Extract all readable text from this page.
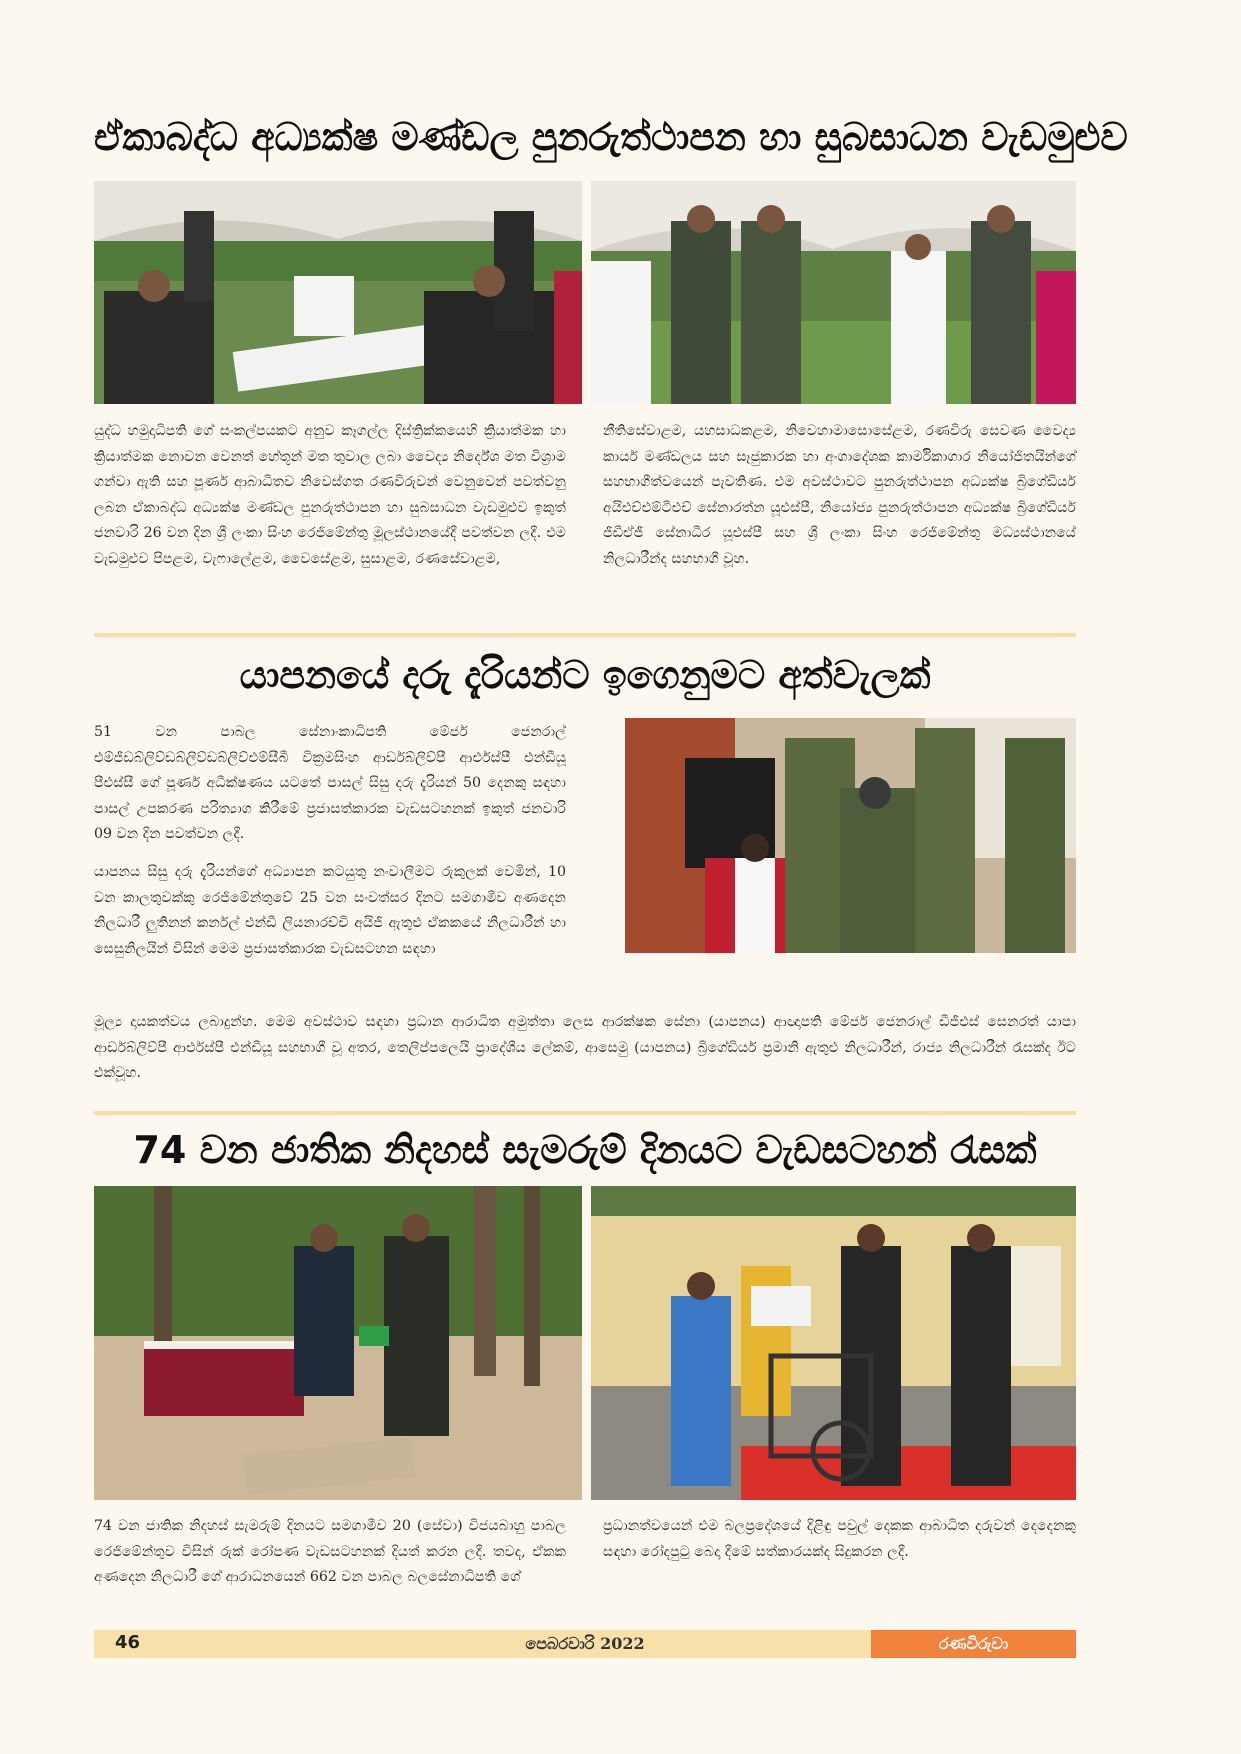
ඒකාබද්ධ අධ්‍යක්ෂ මණ්ඩල පුනරුත්ථාපන හා සුබසාධන වැඩමුළුව

යුද්ධ හමුදාධිපති ගේ සංකල්පයකට අනුව කෑගල්ල දිස්ත්‍රික්කයෙහි ක්‍රියාත්මක හා ක්‍රියාත්මක නොවන වෙනත් හේතූන් මත තුවාල ලබා වෛද්‍ය නිර්දේශ මත විශ්‍රාම ගන්වා ඇති සහ පූර්ණ ආබාධිතව නිවෙස්ගත රණවිරුවන් වෙනුවෙන් පවත්වනු ලබන ඒකාබද්ධ අධ්‍යක්ෂ මණ්ඩල පුනරුත්ථාපන හා සුබසාධන වැඩමුළුව ඉකුත් ජනවාරි 26 වන දින ශ්‍රී ලංකා සිංහ රෙජිමේන්තු මූලස්ථානයේදී පවත්වන ලදී. එම වැඩමුළුව පිපළම, වැෆාලේළම, වෛසේළම, සුසාළම, රණසේවාළම,

නීතිසේවාළම, යහසාධකළම, නිවෙහාමාසොසේළම, රණවිරු සෙවණ වෛද්‍ය කාර්ය මණ්ඩලය සහ සෑජුකාරක හා අංගාදේශක කාර්මිකාගාර නියෝජිතයින්ගේ සහභාගීත්වයෙන් පැවතිණ. එම අවස්ථාවට පුනරුත්ථාපන අධ්‍යක්ෂ බ්‍රිගේඩියර් අයිඑච්එම්ටීඑච් සේනාරත්න යූඑස්පී, නියෝජ්‍ය පුනරුත්ථාපන අධ්‍යක්ෂ බ්‍රිගේඩියර් ජීඩීඒජී සේනාධීර යූඑස්පී සහ ශ්‍රී ලංකා සිංහ රෙජිමේන්තු මධ්‍යස්ථානයේ නිලධාරීන්ද සහභාගී වූහ.

යාපනයේ දරු දැරියන්ට ඉගෙනුමට අත්වැලක්

51 වන පාබල සේනාංකාධිපති මේජර් ජෙනරාල් එම්ජීඩබ්ලිව්ඩබ්ලිව්ඩබ්ලිව්එම්සීබී වික්‍රමසිංහ ආර්ඩබ්ලිව්පී ආර්එස්පී එන්ඩීයූ පීඑස්සී ගේ පූර්ණ අධීක්ෂණය යටතේ පාසල් සිසු දරු දැරියන් 50 දෙනකු සඳහා පාසල් උපකරණ පරිත්‍යාග කිරීමේ ප්‍රජාසත්කාරක වැඩසටහනක් ඉකුත් ජනවාරි 09 වන දින පවත්වන ලදී.

යාපනය සිසු දරු දැරියන්ගේ අධ්‍යාපන කටයුතු නංවාලීමට රුකුලක් වෙමින්, 10 වන කාලතුවක්කු රෙජිමේන්තුවේ 25 වන සංවත්සර දිනට සමගාමීව අණදෙන නිලධාරී ලුතිනන් කර්නල් එන්ඩී ලියනාරච්චි අයිජී ඇතුළු ඒකකයේ නිලධාරීන් හා සෙසුනිලයින් විසින් මෙම ප්‍රජාසත්කාරක වැඩසටහන සඳහා

මූල්‍ය දායකත්වය ලබාදුන්හ. මෙම අවස්ථාව සඳහා ප්‍රධාන ආරාධිත අමුත්තා ලෙස ආරක්ෂක සේනා (යාපනය) ආඥාපති මේජර් ජෙනරාල් ඩීජීඑස් සෙනරත් යාපා ආර්ඩබ්ලිව්පී ආර්එස්පී එන්ඩීයූ සහභාගී වූ අතර, තෙලිප්පලෙයි ප්‍රාදේශීය ලේකම්, ආසෙමු (යාපනය) බ්‍රිගේඩියර් ප්‍රමානි ඇතුළු නිලධාරීන්, රාජ්‍ය නිලධාරීන් රැසක්ද ඊට එක්වූහ.

74 වන ජාතික නිදහස් සැමරුම් දිනයට වැඩසටහන් රැසක්

74 වන ජාතික නිදහස් සැමරුම් දිනයට සමගාමීව 20 (සේවා) විජයබාහු පාබල රෙජිමේන්තුව විසින් රුක් රෝපණ වැඩසටහනක් දියත් කරන ලදී. තවද, ඒකක අණදෙන නිලධාරී ගේ ආරාධනයෙන් 662 වන පාබල බලසේනාධිපති ගේ

ප්‍රධානත්වයෙන් එම බලප්‍රදේශයේ දිළිඳු පවුල් දෙකක ආබාධිත දරුවන් දෙදෙනකු සඳහා රෝදපුටු බෙදා දීමේ සත්කාරයක්ද සිදුකරන ලදී.

46	පෙබරවාරි 2022	රණවිරුවා
